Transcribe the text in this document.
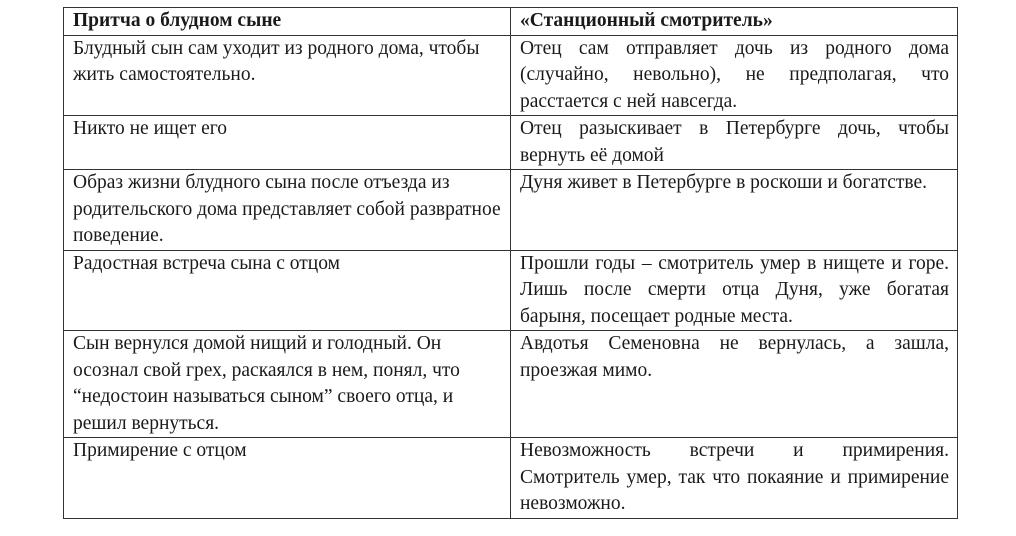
Притча о блудном сыне	«Станционный смотритель»
Блудный сын сам уходит из родного дома, чтобы жить самостоятельно.	Отец сам отправляет дочь из родного дома (случайно, невольно), не предполагая, что расстается с ней навсегда.
Никто не ищет его	Отец разыскивает в Петербурге дочь, чтобы вернуть её домой
Образ жизни блудного сына после отъезда из родительского дома представляет собой развратное поведение.	Дуня живет в Петербурге в роскоши и богатстве.
Радостная встреча сына с отцом	Прошли годы – смотритель умер в нищете и горе. Лишь после смерти отца Дуня, уже богатая барыня, посещает родные места.
Сын вернулся домой нищий и голодный. Он осознал свой грех, раскаялся в нем, понял, что “недостоин называться сыном” своего отца, и решил вернуться.	Авдотья Семеновна не вернулась, а зашла, проезжая мимо.
Примирение с отцом	Невозможность встречи и примирения. Смотритель умер, так что покаяние и примирение невозможно.
